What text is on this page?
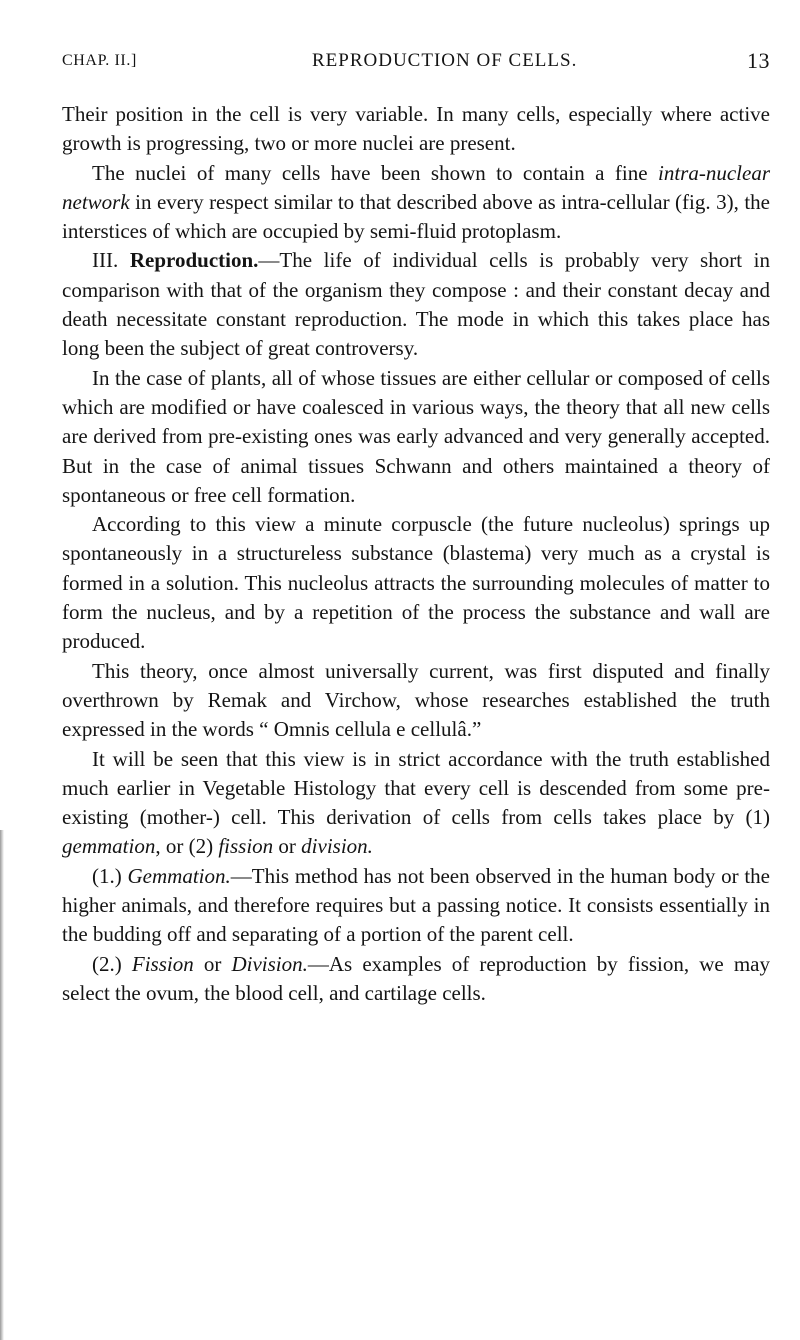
CHAP. II.]	REPRODUCTION OF CELLS.	13

Their position in the cell is very variable. In many cells, especially where active growth is progressing, two or more nuclei are present.

The nuclei of many cells have been shown to contain a fine intra-nuclear network in every respect similar to that described above as intra-cellular (fig. 3), the interstices of which are occupied by semi-fluid protoplasm.

III. Reproduction.—The life of individual cells is probably very short in comparison with that of the organism they compose : and their constant decay and death necessitate constant reproduction. The mode in which this takes place has long been the subject of great controversy.

In the case of plants, all of whose tissues are either cellular or composed of cells which are modified or have coalesced in various ways, the theory that all new cells are derived from pre-existing ones was early advanced and very generally accepted. But in the case of animal tissues Schwann and others maintained a theory of spontaneous or free cell formation.

According to this view a minute corpuscle (the future nucleolus) springs up spontaneously in a structureless substance (blastema) very much as a crystal is formed in a solution. This nucleolus attracts the surrounding molecules of matter to form the nucleus, and by a repetition of the process the substance and wall are produced.

This theory, once almost universally current, was first disputed and finally overthrown by Remak and Virchow, whose researches established the truth expressed in the words “ Omnis cellula e cellulâ.”

It will be seen that this view is in strict accordance with the truth established much earlier in Vegetable Histology that every cell is descended from some pre-existing (mother-) cell. This derivation of cells from cells takes place by (1) gemmation, or (2) fission or division.

(1.) Gemmation.—This method has not been observed in the human body or the higher animals, and therefore requires but a passing notice. It consists essentially in the budding off and separating of a portion of the parent cell.

(2.) Fission or Division.—As examples of reproduction by fission, we may select the ovum, the blood cell, and cartilage cells.
